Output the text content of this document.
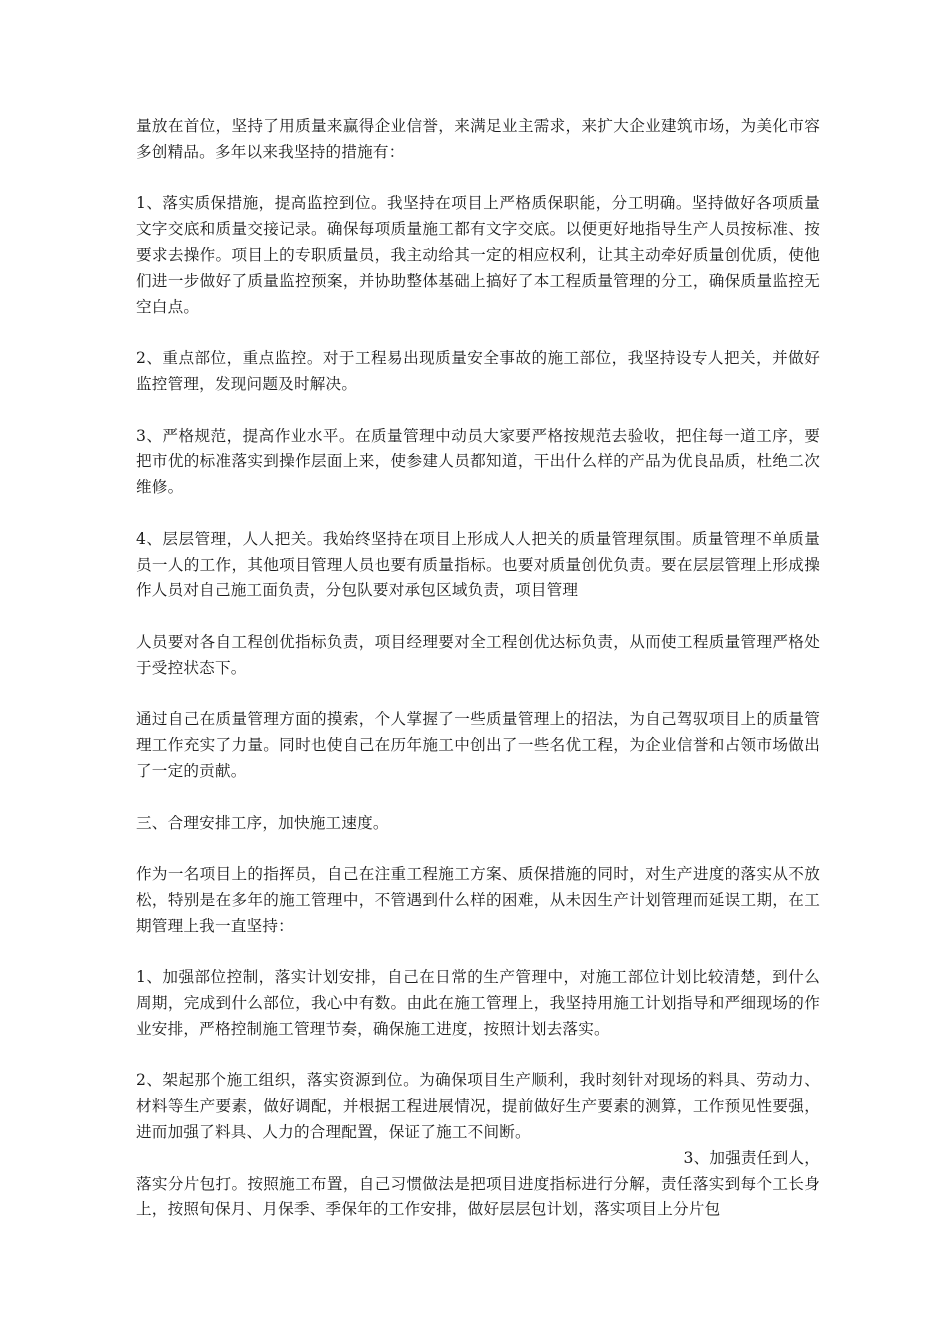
量放在首位，坚持了用质量来赢得企业信誉，来满足业主需求，来扩大企业建筑市场，为美化市容多创精品。多年以来我坚持的措施有：

1、落实质保措施，提高监控到位。我坚持在项目上严格质保职能，分工明确。坚持做好各项质量文字交底和质量交接记录。确保每项质量施工都有文字交底。以便更好地指导生产人员按标准、按要求去操作。项目上的专职质量员，我主动给其一定的相应权利，让其主动牵好质量创优质，使他们进一步做好了质量监控预案，并协助整体基础上搞好了本工程质量管理的分工，确保质量监控无空白点。

2、重点部位，重点监控。对于工程易出现质量安全事故的施工部位，我坚持设专人把关，并做好监控管理，发现问题及时解决。

3、严格规范，提高作业水平。在质量管理中动员大家要严格按规范去验收，把住每一道工序，要把市优的标准落实到操作层面上来，使参建人员都知道，干出什么样的产品为优良品质，杜绝二次维修。

4、层层管理，人人把关。我始终坚持在项目上形成人人把关的质量管理氛围。质量管理不单质量员一人的工作，其他项目管理人员也要有质量指标。也要对质量创优负责。要在层层管理上形成操作人员对自己施工面负责，分包队要对承包区域负责，项目管理

人员要对各自工程创优指标负责，项目经理要对全工程创优达标负责，从而使工程质量管理严格处于受控状态下。

通过自己在质量管理方面的摸索，个人掌握了一些质量管理上的招法，为自己驾驭项目上的质量管理工作充实了力量。同时也使自己在历年施工中创出了一些名优工程，为企业信誉和占领市场做出了一定的贡献。

三、合理安排工序，加快施工速度。

作为一名项目上的指挥员，自己在注重工程施工方案、质保措施的同时，对生产进度的落实从不放松，特别是在多年的施工管理中，不管遇到什么样的困难，从未因生产计划管理而延误工期，在工期管理上我一直坚持：

1、加强部位控制，落实计划安排，自己在日常的生产管理中，对施工部位计划比较清楚，到什么周期，完成到什么部位，我心中有数。由此在施工管理上，我坚持用施工计划指导和严细现场的作业安排，严格控制施工管理节奏，确保施工进度，按照计划去落实。

2、架起那个施工组织，落实资源到位。为确保项目生产顺利，我时刻针对现场的料具、劳动力、材料等生产要素，做好调配，并根据工程进展情况，提前做好生产要素的测算，工作预见性要强，进而加强了料具、人力的合理配置，保证了施工不间断。

3、加强责任到人，

落实分片包打。按照施工布置，自己习惯做法是把项目进度指标进行分解，责任落实到每个工长身上，按照旬保月、月保季、季保年的工作安排，做好层层包计划，落实项目上分片包
